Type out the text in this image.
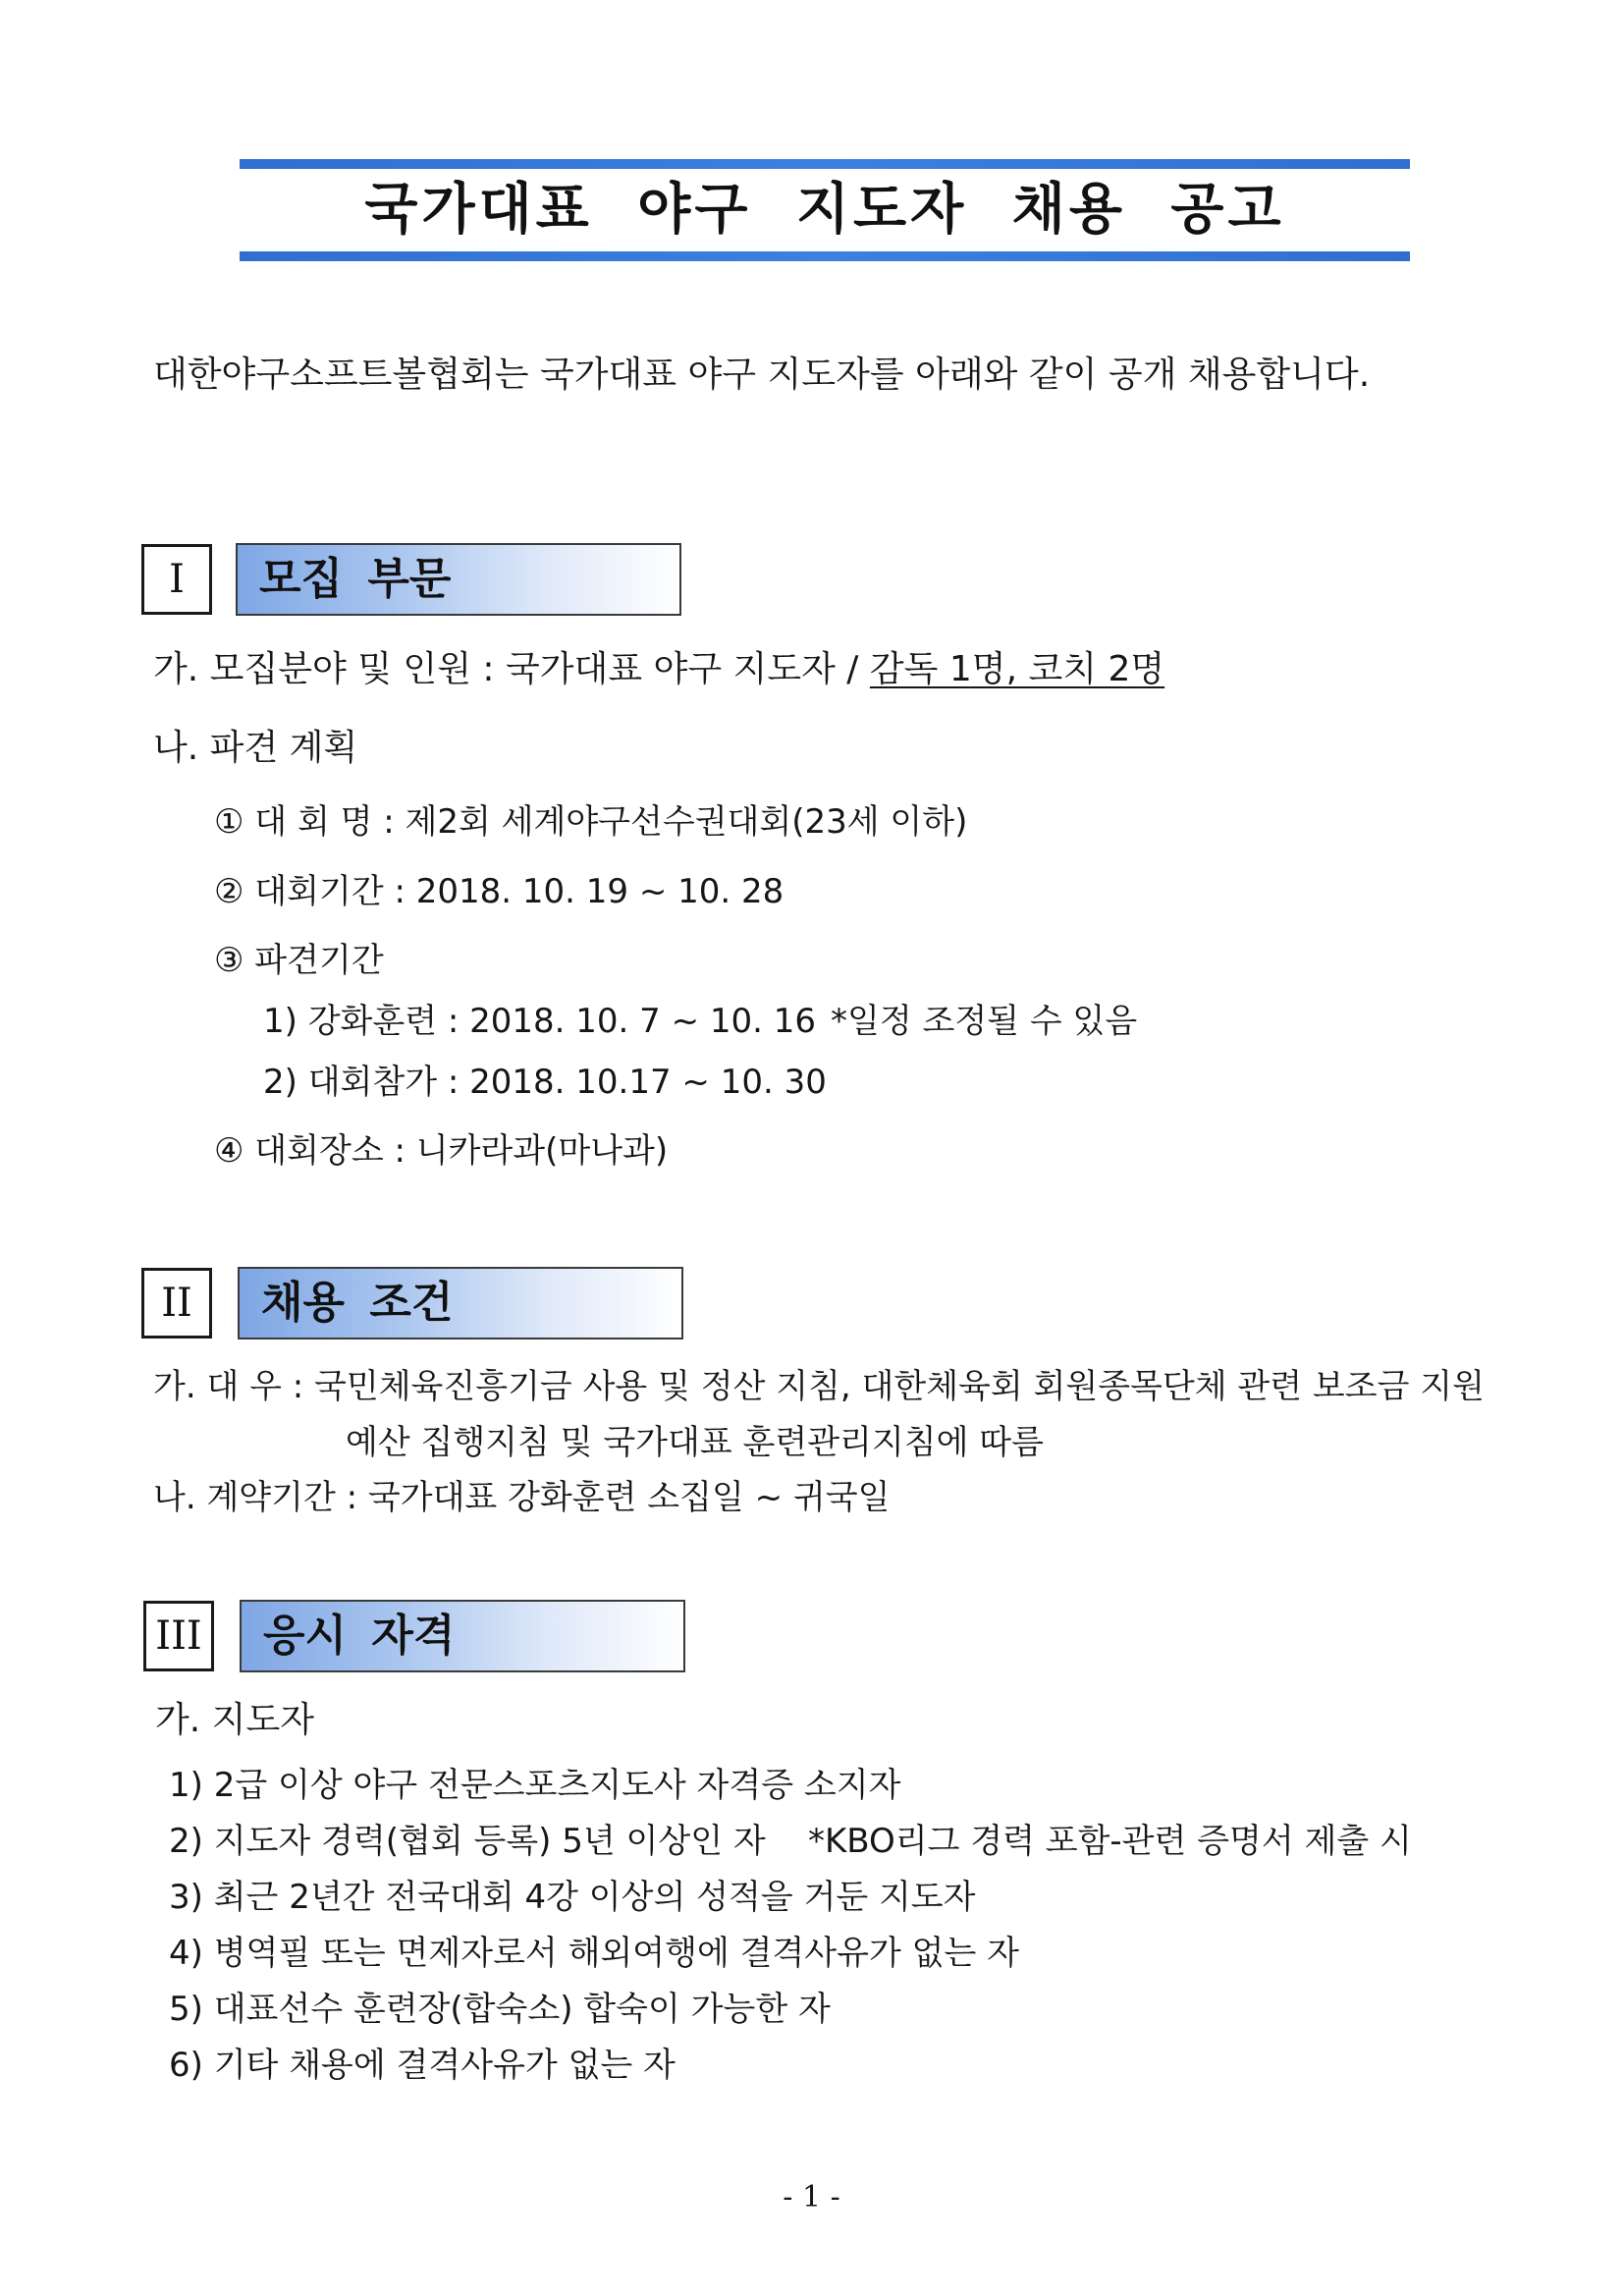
국가대표 야구 지도자 채용 공고
대한야구소프트볼협회는 국가대표 야구 지도자를 아래와 같이 공개 채용합니다.
I	모집 부문
가. 모집분야 및 인원 : 국가대표 야구 지도자 / 감독 1명, 코치 2명
나. 파견 계획
① 대 회 명 : 제2회 세계야구선수권대회(23세 이하)
② 대회기간 : 2018. 10. 19 ~ 10. 28
③ 파견기간
1) 강화훈련 : 2018. 10. 7 ~ 10. 16 *일정 조정될 수 있음
2) 대회참가 : 2018. 10.17 ~ 10. 30
④ 대회장소 : 니카라과(마나과)
II	채용 조건
가. 대 우 : 국민체육진흥기금 사용 및 정산 지침, 대한체육회 회원종목단체 관련 보조금 지원
예산 집행지침 및 국가대표 훈련관리지침에 따름
나. 계약기간 : 국가대표 강화훈련 소집일 ~ 귀국일
III	응시 자격
가. 지도자
1) 2급 이상 야구 전문스포츠지도사 자격증 소지자
2) 지도자 경력(협회 등록) 5년 이상인 자    *KBO리그 경력 포함-관련 증명서 제출 시
3) 최근 2년간 전국대회 4강 이상의 성적을 거둔 지도자
4) 병역필 또는 면제자로서 해외여행에 결격사유가 없는 자
5) 대표선수 훈련장(합숙소) 합숙이 가능한 자
6) 기타 채용에 결격사유가 없는 자
- 1 -
